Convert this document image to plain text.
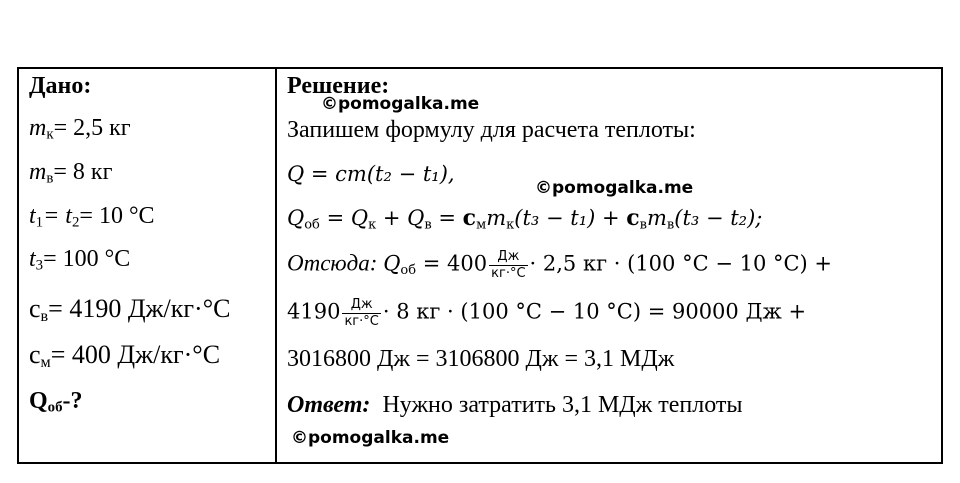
Дано:
$m_к= 2,5$ кг
$m_в= 8$ кг
$t_1= t_2= 10$ °С
$t_3= 100$ °С
$с_в= 4190$ Дж/кг·°С
$с_м= 400$ Дж/кг·°С
$Q_{об}-$?
Решение:
Запишем формулу для расчета теплоты:
Q = cm(t₂ − t₁),
$Q_{об} = Q_к + Q_в = c_мm_к(t_3 - t_1) + c_вm_в(t_3 - t_2)$;
Отсюда: $Q_{об} = 400 \frac{Дж}{кг\cdot^\circ С} \cdot 2,5$ кг · (100 °С − 10 °С) +
$4190 \frac{Дж}{кг\cdot^\circ С} \cdot 8$ кг · (100 °С − 10 °С) = 90000 Дж +
3016800 Дж = 3106800 Дж = 3,1 МДж
Ответ:  Нужно затратить 3,1 МДж теплоты
©pomogalka.me
©pomogalka.me
©pomogalka.me
